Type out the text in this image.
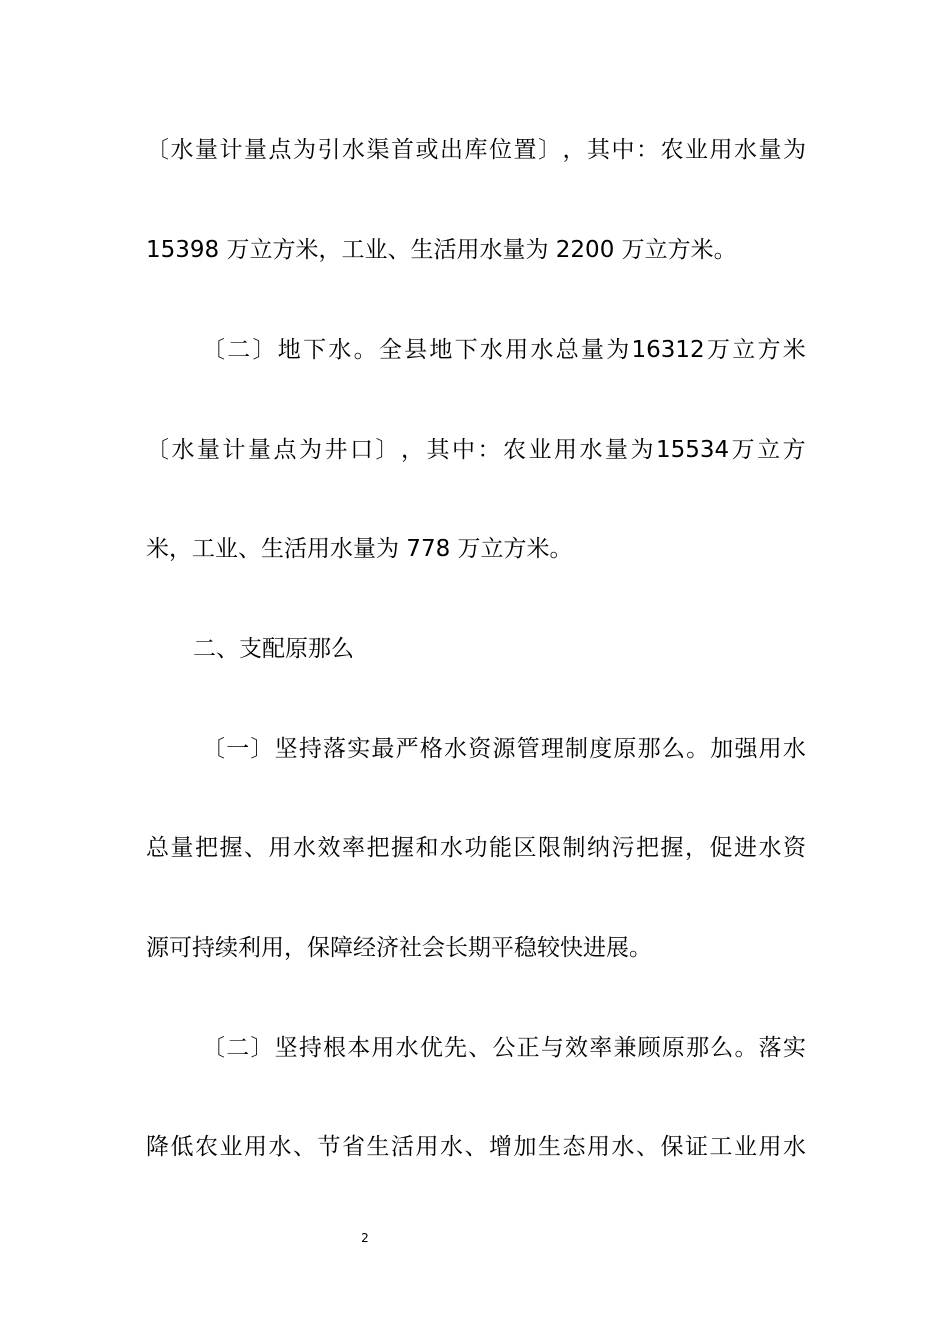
〔 水 量 计 量 点 为 引 水 渠 首 或 出 库 位 置 〕 ， 其 中 ： 农 业 用 水 量 为
15398 万立方米，工业、生活用水量为 2200 万立方米。
〔 二 〕 地 下 水 。 全 县 地 下 水 用 水 总 量 为 16312 万 立 方 米
〔 水 量 计 量 点 为 井 口 〕 ， 其 中 ： 农 业 用 水 量 为 15534 万 立 方
米，工业、生活用水量为 778 万立方米。
二、支配原那么
〔 一 〕 坚 持 落 实 最 严 格 水 资 源 管 理 制 度 原 那 么 。 加 强 用 水
总 量 把 握 、 用 水 效 率 把 握 和 水 功 能 区 限 制 纳 污 把 握 ， 促 进 水 资
源可持续利用，保障经济社会长期平稳较快进展。
〔 二 〕 坚 持 根 本 用 水 优 先 、 公 正 与 效 率 兼 顾 原 那 么 。 落 实
降 低 农 业 用 水 、 节 省 生 活 用 水 、 增 加 生 态 用 水 、 保 证 工 业 用 水
2
